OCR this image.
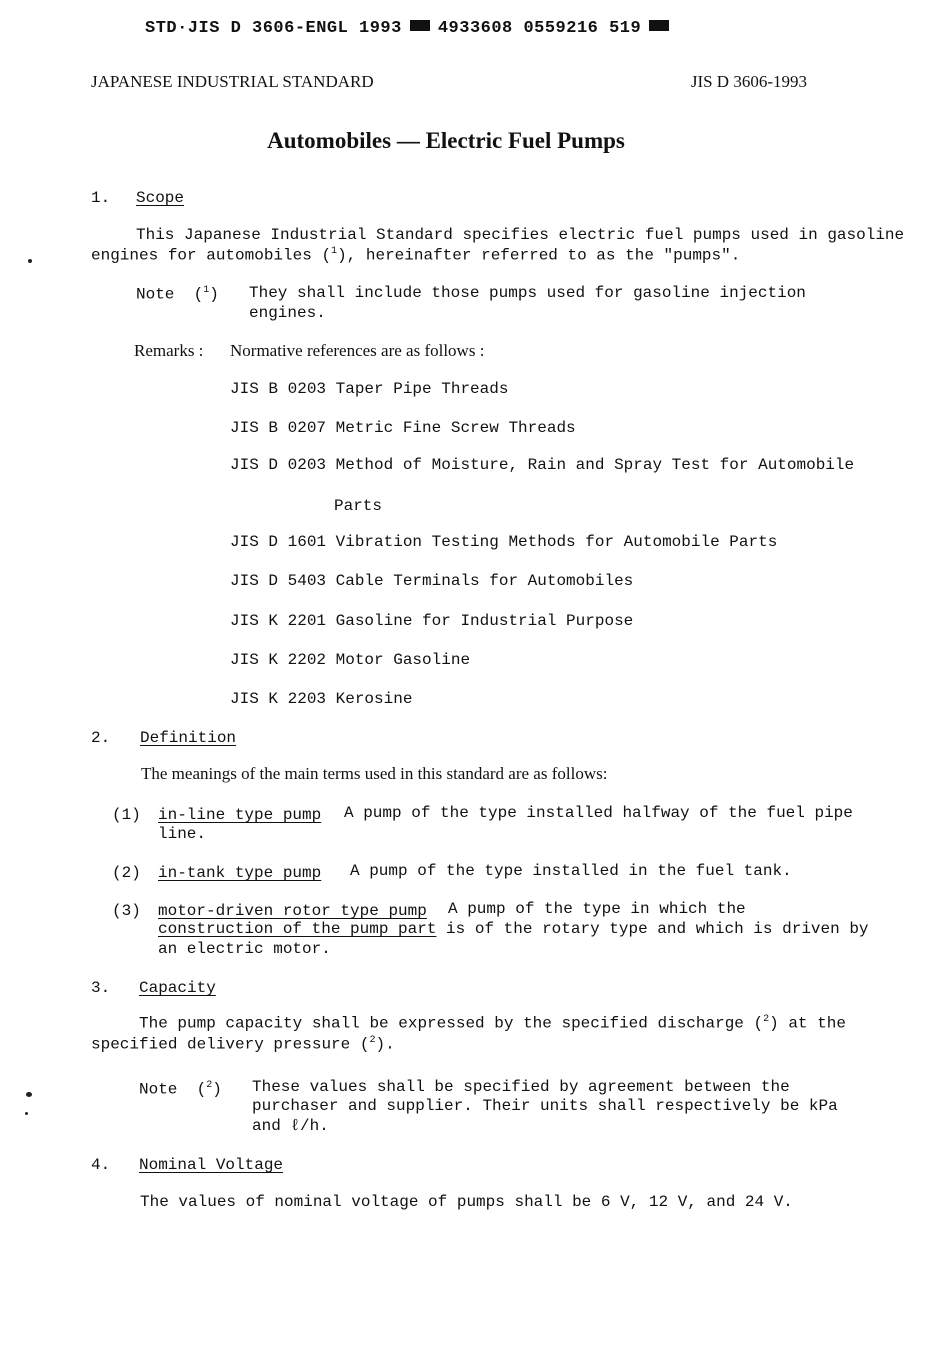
STD·JIS D 3606-ENGL 1993 4933608 0559216 519
JAPANESE INDUSTRIAL STANDARD	JIS D 3606-1993
Automobiles — Electric Fuel Pumps
1. Scope
This Japanese Industrial Standard specifies electric fuel pumps used in gasoline
engines for automobiles ($^1$), hereinafter referred to as the "pumps".
Note  ($^1$) They shall include those pumps used for gasoline injection
engines.
Remarks : Normative references are as follows :
JIS B 0203 Taper Pipe Threads
JIS B 0207 Metric Fine Screw Threads
JIS D 0203 Method of Moisture, Rain and Spray Test for Automobile
Parts
JIS D 1601 Vibration Testing Methods for Automobile Parts
JIS D 5403 Cable Terminals for Automobiles
JIS K 2201 Gasoline for Industrial Purpose
JIS K 2202 Motor Gasoline
JIS K 2203 Kerosine
2. Definition
The meanings of the main terms used in this standard are as follows:
(1) in-line type pump A pump of the type installed halfway of the fuel pipe
line.
(2) in-tank type pump A pump of the type installed in the fuel tank.
(3) motor-driven rotor type pump A pump of the type in which the
construction of the pump part is of the rotary type and which is driven by
an electric motor.
3. Capacity
The pump capacity shall be expressed by the specified discharge ($^2$) at the
specified delivery pressure ($^2$).
Note  ($^2$) These values shall be specified by agreement between the
purchaser and supplier. Their units shall respectively be kPa
and ℓ/h.
4. Nominal Voltage
The values of nominal voltage of pumps shall be 6 V, 12 V, and 24 V.
